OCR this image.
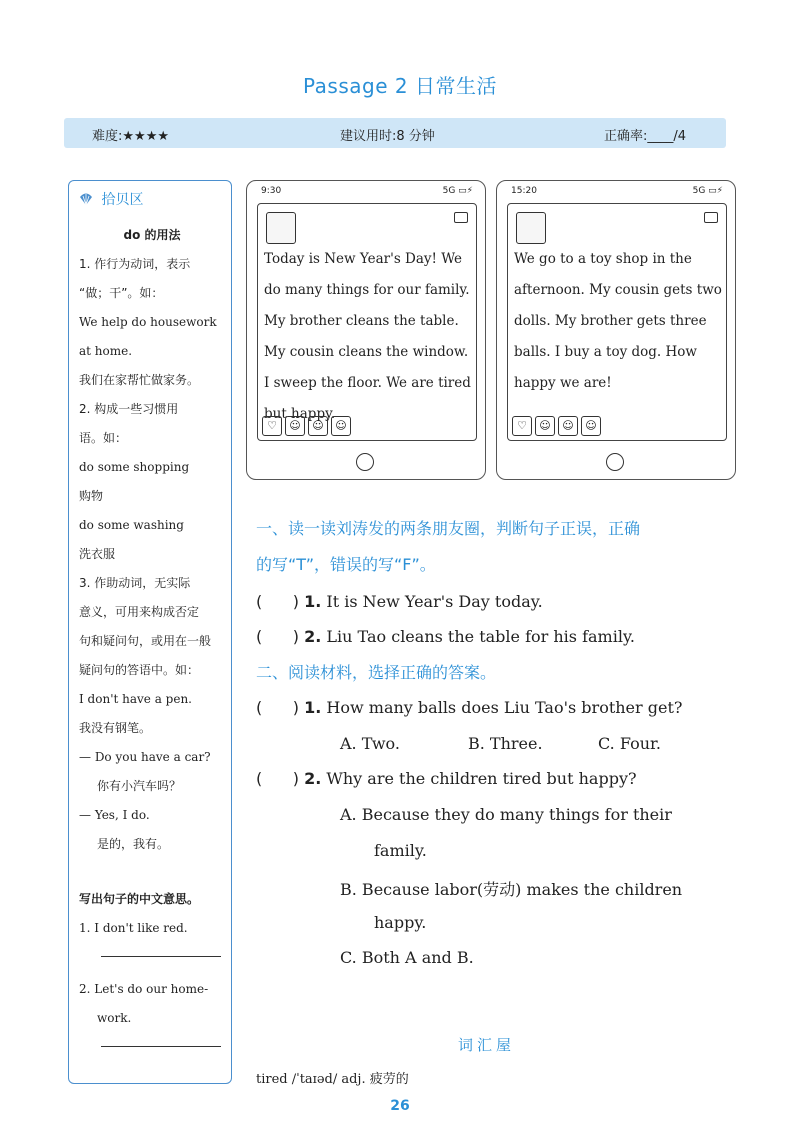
Passage 2 日常生活
难度:★★★★	建议用时:8 分钟	正确率:____/4
拾贝区
do 的用法
1. 作行为动词，表示
“做；干”。如：
We help do housework
at home.
我们在家帮忙做家务。
2. 构成一些习惯用
语。如：
do some shopping
购物
do some washing
洗衣服
3. 作助动词，无实际
意义，可用来构成否定
句和疑问句，或用在一般
疑问句的答语中。如：
I don't have a pen.
我没有钢笔。
— Do you have a car?
你有小汽车吗？
— Yes, I do.
是的，我有。
写出句子的中文意思。
1. I don't like red.
2. Let's do our home-
work.
9:30	5G ▭⚡
Today is New Year's Day! We do many things for our family. My brother cleans the table. My cousin cleans the window. I sweep the floor. We are tired but happy.
♡ ☺ ☺ ☺
15:20	5G ▭⚡
We go to a toy shop in the afternoon. My cousin gets two dolls. My brother gets three balls. I buy a toy dog. How happy we are!
♡ ☺ ☺ ☺
一、读一读刘涛发的两条朋友圈，判断句子正误，正确
的写“T”，错误的写“F”。
(      ) 1. It is New Year's Day today.
(      ) 2. Liu Tao cleans the table for his family.
二、阅读材料，选择正确的答案。
(      ) 1. How many balls does Liu Tao's brother get?
A. Two.	B. Three.	C. Four.
(      ) 2. Why are the children tired but happy?
A. Because they do many things for their
family.
B. Because labor(劳动) makes the children
happy.
C. Both A and B.
词汇屋
tired /ˈtaɪəd/ adj. 疲劳的
26
